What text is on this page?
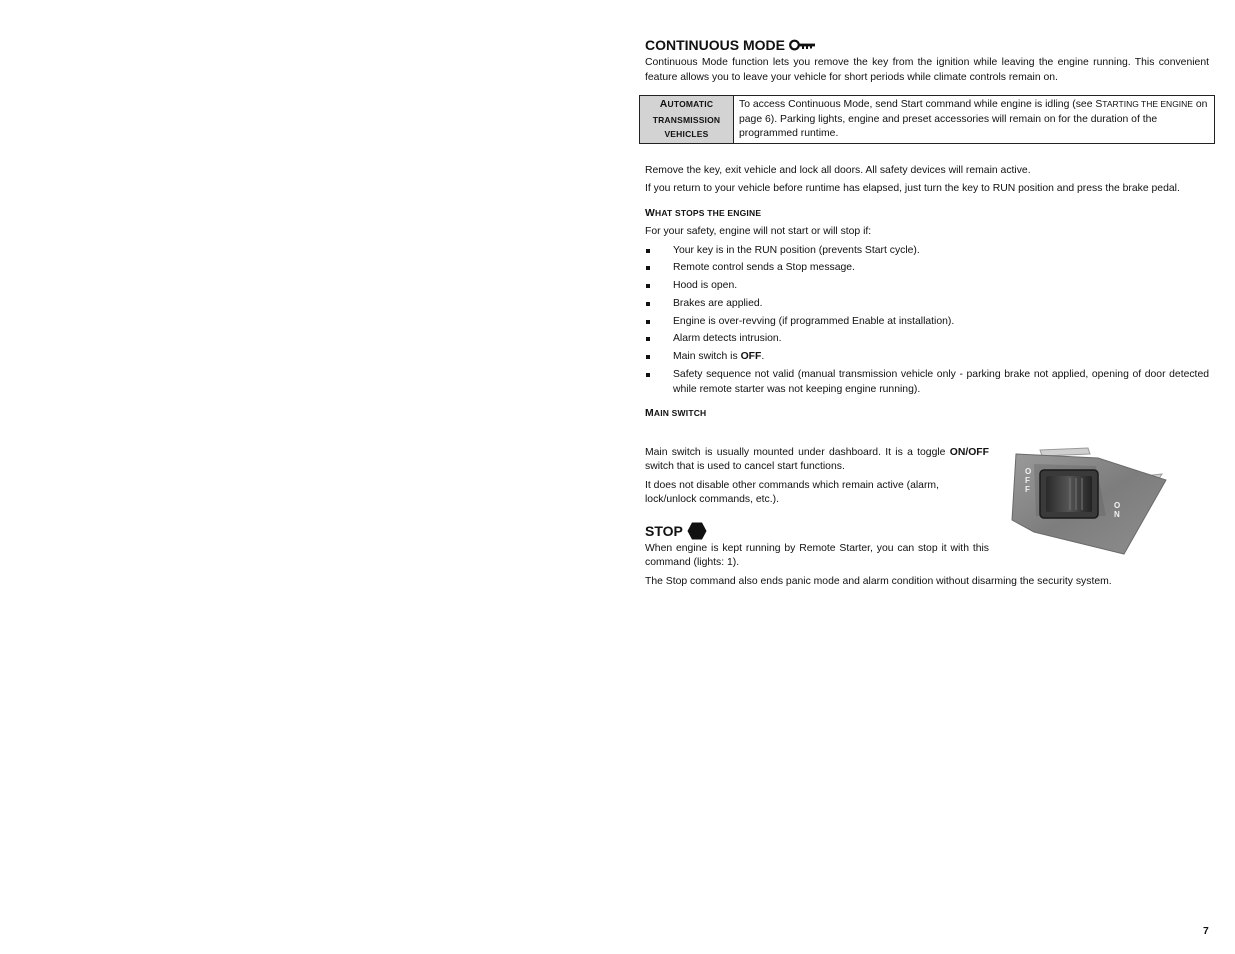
CONTINUOUS MODE
Continuous Mode function lets you remove the key from the ignition while leaving the engine running. This convenient feature allows you to leave your vehicle for short periods while climate controls remain on.
AUTOMATIC
TRANSMISSION
VEHICLES
To access Continuous Mode, send Start command while engine is idling (see STARTING THE ENGINE on page 6). Parking lights, engine and preset accessories will remain on for the duration of the programmed runtime.
Remove the key, exit vehicle and lock all doors. All safety devices will remain active.
If you return to your vehicle before runtime has elapsed, just turn the key to RUN position and press the brake pedal.
WHAT STOPS THE ENGINE
For your safety, engine will not start or will stop if:
Your key is in the RUN position (prevents Start cycle).
Remote control sends a Stop message.
Hood is open.
Brakes are applied.
Engine is over-revving (if programmed Enable at installation).
Alarm detects intrusion.
Main switch is OFF.
Safety sequence not valid (manual transmission vehicle only - parking brake not applied, opening of door detected while remote starter was not keeping engine running).
MAIN SWITCH
Main switch is usually mounted under dashboard. It is a toggle ON/OFF switch that is used to cancel start functions.
It does not disable other commands which remain active (alarm, lock/unlock commands, etc.).
STOP
When engine is kept running by Remote Starter, you can stop it with this command (lights: 1).
The Stop command also ends panic mode and alarm condition without disarming the security system.
O F F
O N
7
